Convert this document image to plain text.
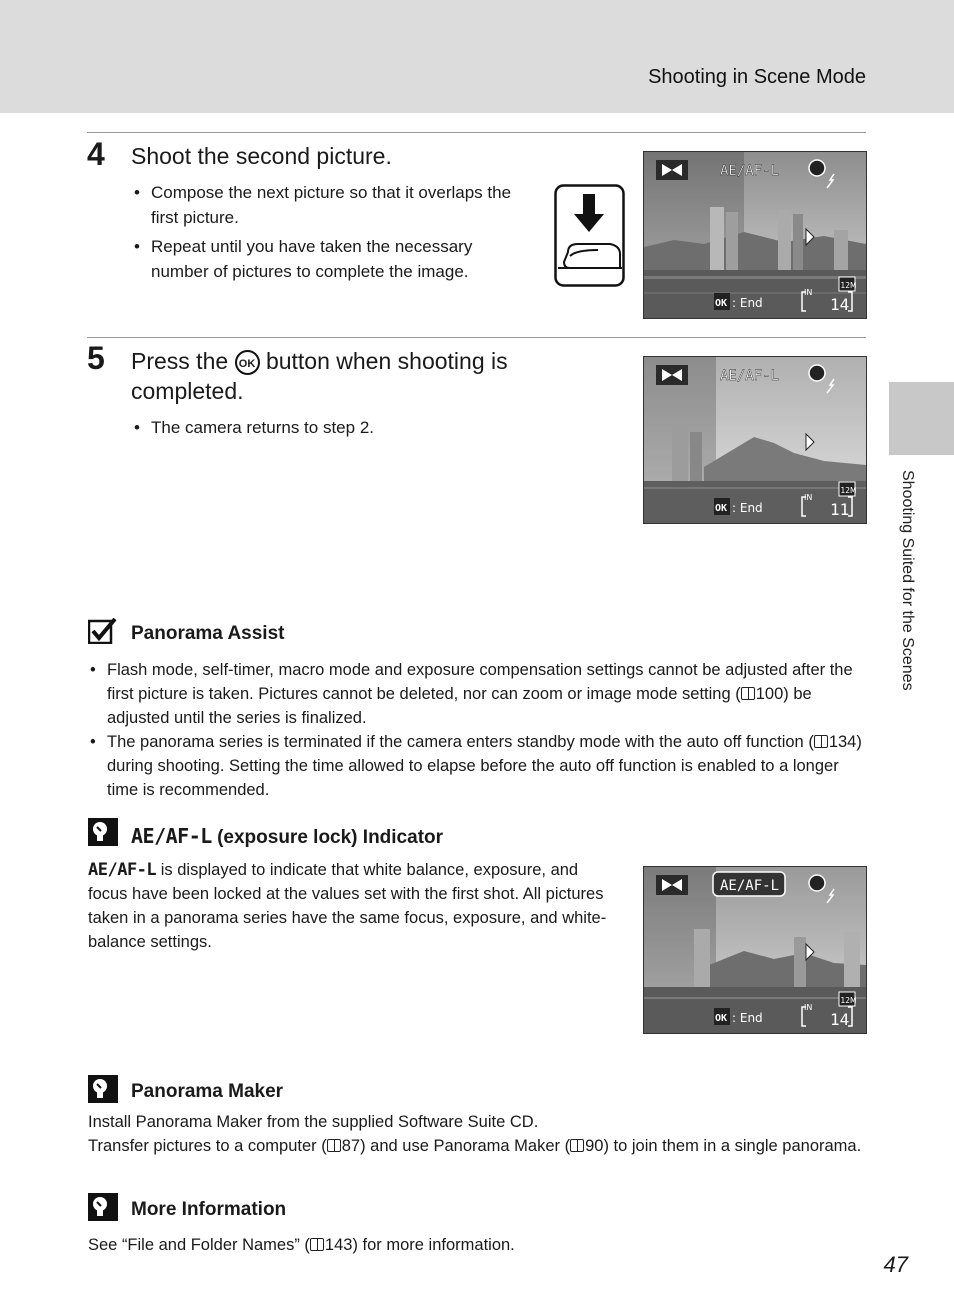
Shooting in Scene Mode
4 Shoot the second picture.
• Compose the next picture so that it overlaps the first picture.
• Repeat until you have taken the necessary number of pictures to complete the image.
AE/AF-L
12M
OK : End
IN
14
5 Press the OK button when shooting is completed.
• The camera returns to step 2.
AE/AF-L
12M
OK : End
IN
11
Panorama Assist
• Flash mode, self-timer, macro mode and exposure compensation settings cannot be adjusted after the first picture is taken. Pictures cannot be deleted, nor can zoom or image mode setting ( 100) be adjusted until the series is finalized.
• The panorama series is terminated if the camera enters standby mode with the auto off function ( 134) during shooting. Setting the time allowed to elapse before the auto off function is enabled to a longer time is recommended.
AE/AF-L (exposure lock) Indicator
AE/AF-L is displayed to indicate that white balance, exposure, and focus have been locked at the values set with the first shot. All pictures taken in a panorama series have the same focus, exposure, and white-balance settings.
AE/AF-L
12M
OK : End
IN
14
Panorama Maker
Install Panorama Maker from the supplied Software Suite CD.
Transfer pictures to a computer ( 87) and use Panorama Maker ( 90) to join them in a single panorama.
More Information
See “File and Folder Names” ( 143) for more information.
Shooting Suited for the Scenes
47
